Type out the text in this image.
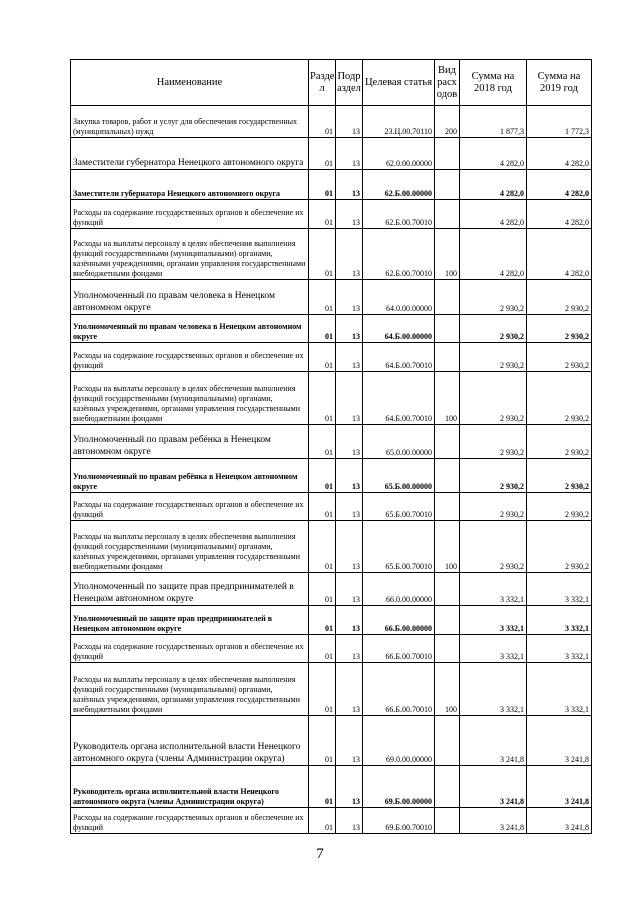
Наименование	Разде л	Подр аздел	Целевая статья	Вид расх одов	Сумма на 2018 год	Сумма на 2019 год
Закупка товаров, работ и услуг для обеспечения государственных (муниципальных) нужд	01	13	23.Ц.00.70110	200	1 877,3	1 772,3
Заместители губернатора Ненецкого автономного округа	01	13	62.0.00.00000		4 282,0	4 282,0
Заместители губернатора Ненецкого автономного округа	01	13	62.Б.00.00000		4 282,0	4 282,0
Расходы на содержание государственных органов и обеспечение их функций	01	13	62.Б.00.70010		4 282,0	4 282,0
Расходы на выплаты персоналу в целях обеспечения выполнения функций государственными (муниципальными) органами, казёнными учреждениями, органами управления государственными внебюджетными фондами	01	13	62.Б.00.70010	100	4 282,0	4 282,0
Уполномоченный по правам человека в Ненецком автономном округе	01	13	64.0.00.00000		2 930,2	2 930,2
Уполномоченный по правам человека в Ненецком автономном округе	01	13	64.Б.00.00000		2 930,2	2 930,2
Расходы на содержание государственных органов и обеспечение их функций	01	13	64.Б.00.70010		2 930,2	2 930,2
Расходы на выплаты персоналу в целях обеспечения выполнения функций государственными (муниципальными) органами, казённых учреждениями, органами управления государственными внебюджетными фондами	01	13	64.Б.00.70010	100	2 930,2	2 930,2
Уполномоченный по правам ребёнка в Ненецком автономном округе	01	13	65.0.00.00000		2 930,2	2 930,2
Уполномоченный по правам ребёнка в Ненецком автономном округе	01	13	65.Б.00.00000		2 930,2	2 930,2
Расходы на содержание государственных органов и обеспечение их функций	01	13	65.Б.00.70010		2 930,2	2 930,2
Расходы на выплаты персоналу в целях обеспечения выполнения функций государственными (муниципальными) органами, казённых учреждениями, органами управления государственными внебюджетными фондами	01	13	65.Б.00.70010	100	2 930,2	2 930,2
Уполномоченный по защите прав предпринимателей в Ненецком автономном округе	01	13	66.0.00.00000		3 332,1	3 332,1
Уполномоченный по защите прав предпринимателей в Ненецком автономном округе	01	13	66.Б.00.00000		3 332,1	3 332,1
Расходы на содержание государственных органов и обеспечение их функций	01	13	66.Б.00.70010		3 332,1	3 332,1
Расходы на выплаты персоналу в целях обеспечения выполнения функций государственными (муниципальными) органами, казённых учреждениями, органами управления государственными внебюджетными фондами	01	13	66.Б.00.70010	100	3 332,1	3 332,1
Руководитель органа исполнительной власти Ненецкого автономного округа (члены Администрации округа)	01	13	69.0.00.00000		3 241,8	3 241,8
Руководитель органа исполнительной власти Ненецкого автономного округа (члены Администрации округа)	01	13	69.Б.00.00000		3 241,8	3 241,8
Расходы на содержание государственных органов и обеспечение их функций	01	13	69.Б.00.70010		3 241,8	3 241,8
7
